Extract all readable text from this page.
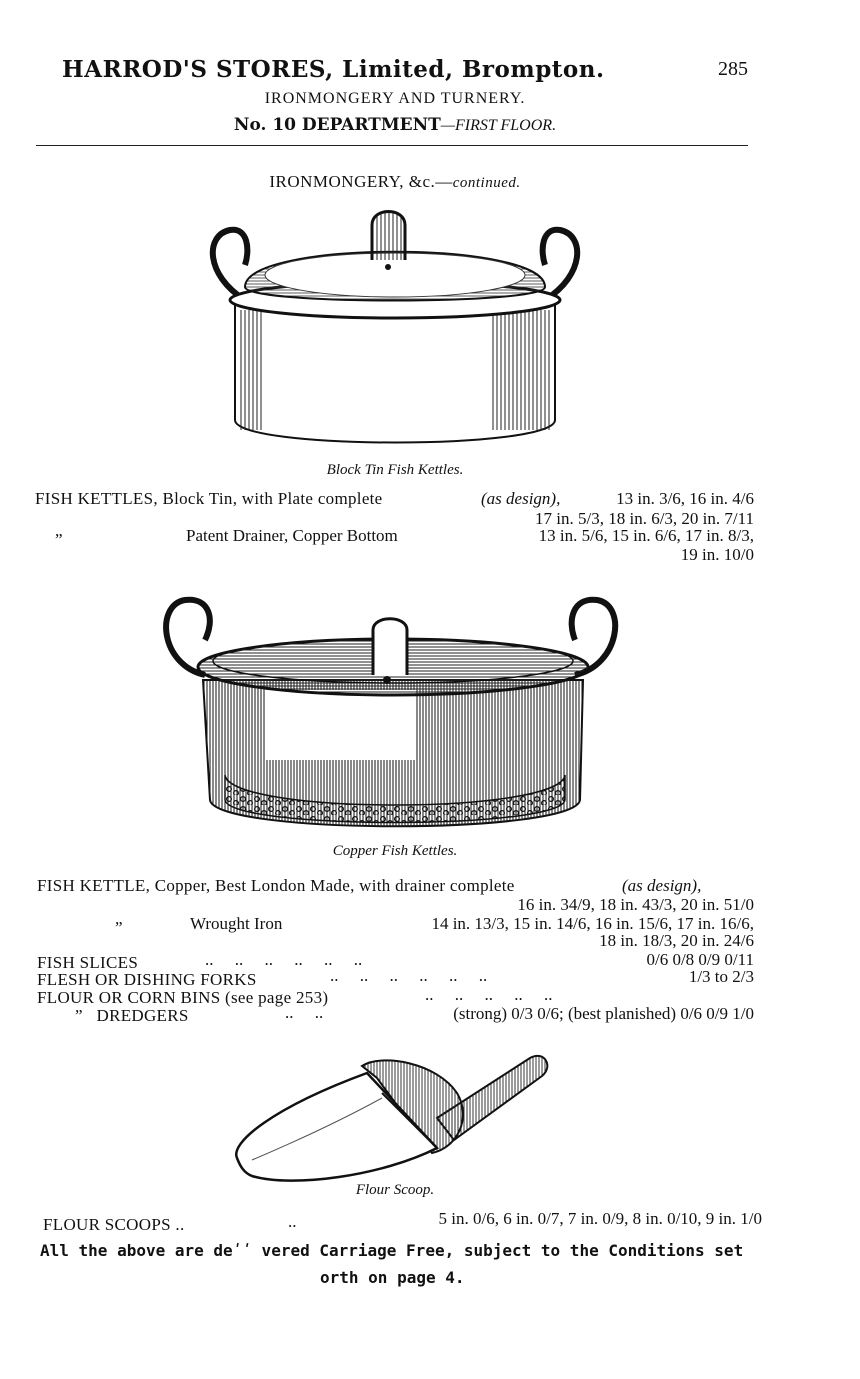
HARROD'S STORES, Limited, Brompton.	285
IRONMONGERY AND TURNERY.
No. 10 DEPARTMENT—FIRST FLOOR.
IRONMONGERY, &c.—continued.
Block Tin Fish Kettles.
FISH KETTLES, Block Tin, with Plate complete	(as design),	13 in. 3/6, 16 in. 4/6
17 in. 5/3, 18 in. 6/3, 20 in. 7/11
”	Patent Drainer, Copper Bottom	13 in. 5/6, 15 in. 6/6, 17 in. 8/3,
19 in. 10/0
Copper Fish Kettles.
FISH KETTLE, Copper, Best London Made, with drainer complete	(as design),
16 in. 34/9, 18 in. 43/3, 20 in. 51/0
”	Wrought Iron	14 in. 13/3, 15 in. 14/6, 16 in. 15/6, 17 in. 16/6,
18 in. 18/3, 20 in. 24/6
FISH SLICES	..     ..     ..     ..     ..     ..	0/6 0/8 0/9 0/11
FLESH OR DISHING FORKS	..     ..     ..     ..     ..     ..	1/3 to 2/3
FLOUR OR CORN BINS (see page 253)	..     ..     ..     ..     ..
”   DREDGERS	..     ..	(strong) 0/3 0/6; (best planished) 0/6 0/9 1/0
Flour Scoop.
FLOUR SCOOPS ..	..	5 in. 0/6, 6 in. 0/7, 7 in. 0/9, 8 in. 0/10, 9 in. 1/0
All the above are deʹʹ vered Carriage Free, subject to the Conditions set
orth on page 4.
